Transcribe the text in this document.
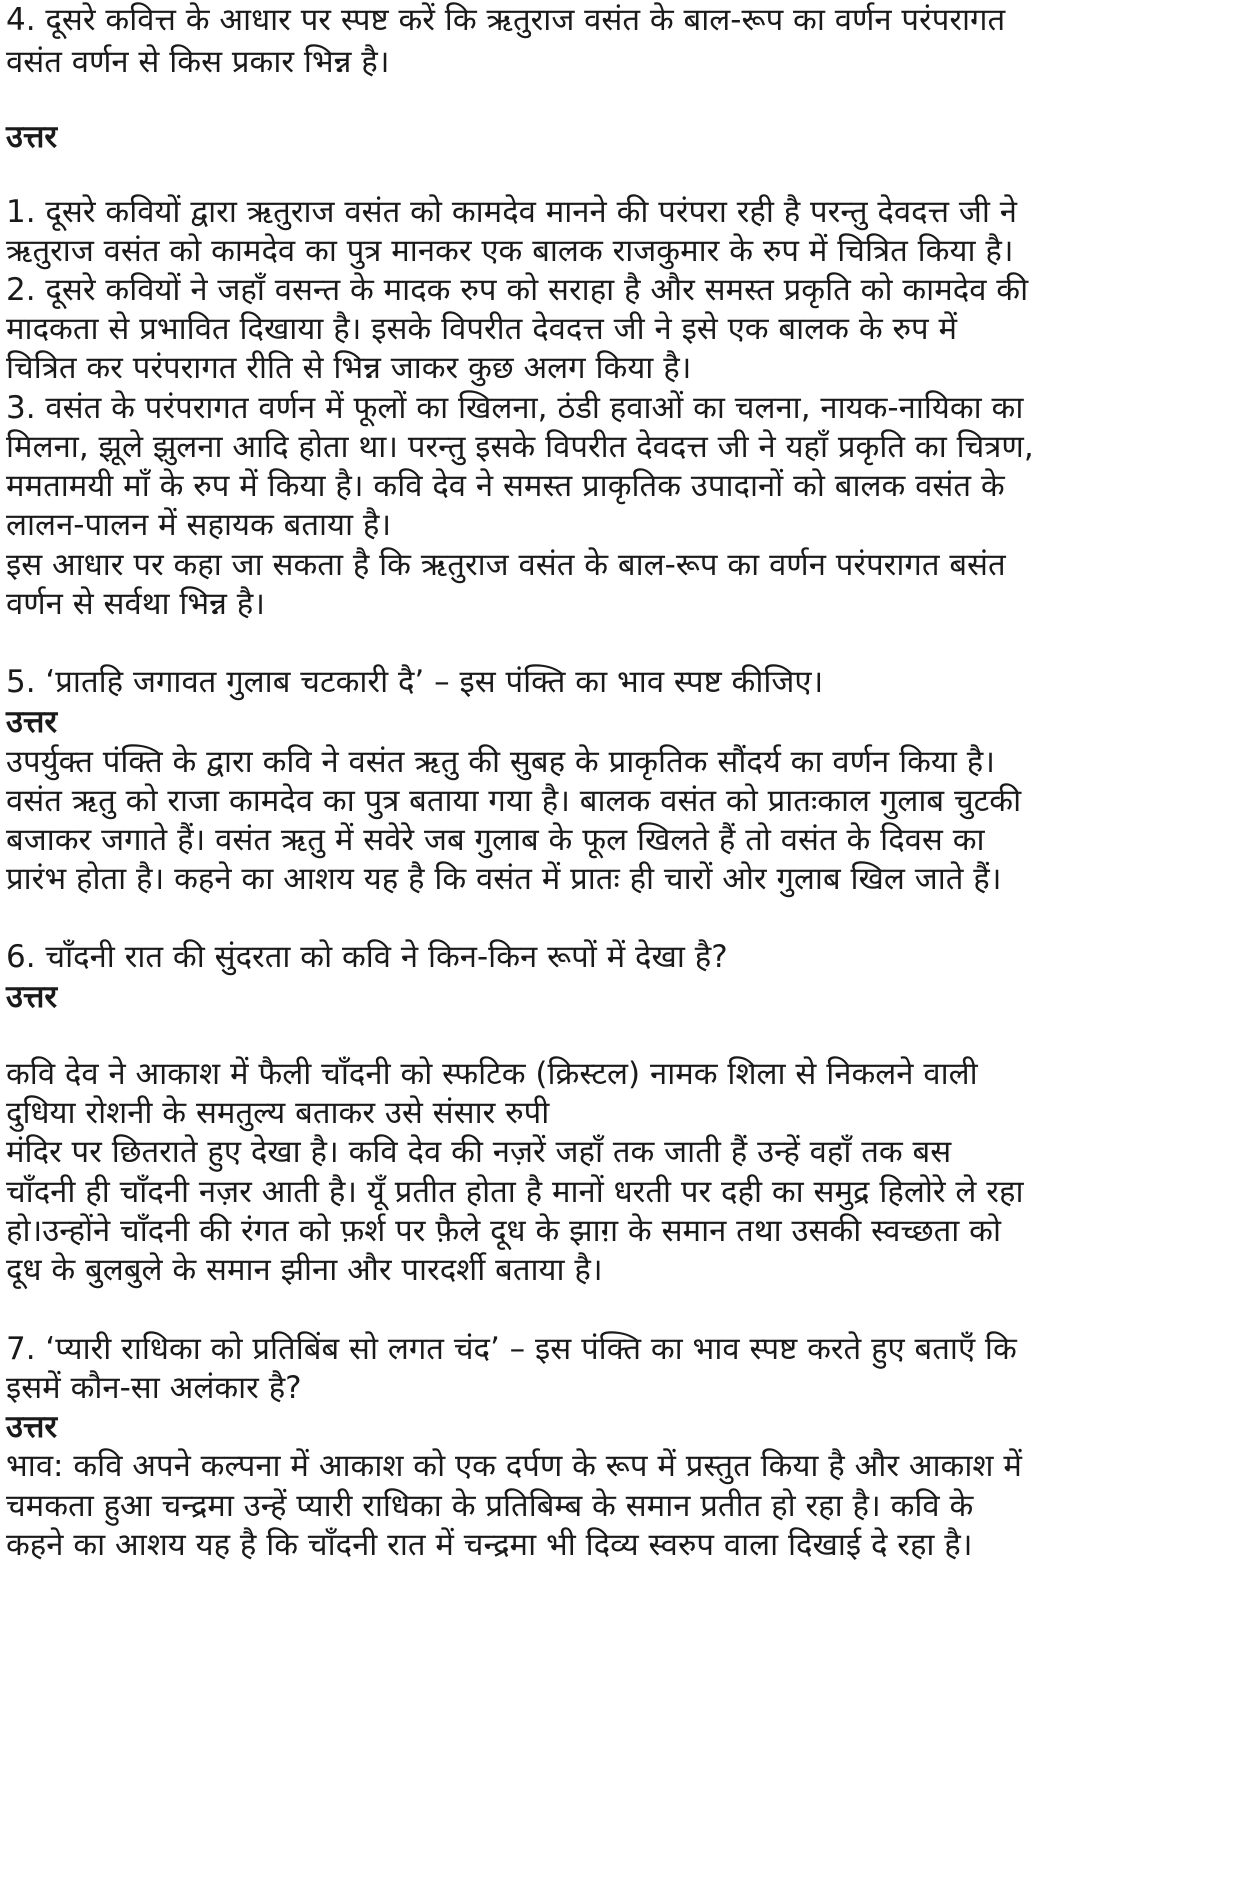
4. दूसरे कवित्त के आधार पर स्पष्ट करें कि ऋतुराज वसंत के बाल-रूप का वर्णन परंपरागत
वसंत वर्णन से किस प्रकार भिन्न है।
उत्तर
1. दूसरे कवियों द्वारा ऋतुराज वसंत को कामदेव मानने की परंपरा रही है परन्तु देवदत्त जी ने
ऋतुराज वसंत को कामदेव का पुत्र मानकर एक बालक राजकुमार के रुप में चित्रित किया है।
2. दूसरे कवियों ने जहाँ वसन्त के मादक रुप को सराहा है और समस्त प्रकृति को कामदेव की
मादकता से प्रभावित दिखाया है। इसके विपरीत देवदत्त जी ने इसे एक बालक के रुप में
चित्रित कर परंपरागत रीति से भिन्न जाकर कुछ अलग किया है।
3. वसंत के परंपरागत वर्णन में फूलों का खिलना, ठंडी हवाओं का चलना, नायक-नायिका का
मिलना, झूले झुलना आदि होता था। परन्तु इसके विपरीत देवदत्त जी ने यहाँ प्रकृति का चित्रण,
ममतामयी माँ के रुप में किया है। कवि देव ने समस्त प्राकृतिक उपादानों को बालक वसंत के
लालन-पालन में सहायक बताया है।
इस आधार पर कहा जा सकता है कि ऋतुराज वसंत के बाल-रूप का वर्णन परंपरागत बसंत
वर्णन से सर्वथा भिन्न है।
5. ‘प्रातहि जगावत गुलाब चटकारी दै’ – इस पंक्ति का भाव स्पष्ट कीजिए।
उत्तर
उपर्युक्त पंक्ति के द्वारा कवि ने वसंत ऋतु की सुबह के प्राकृतिक सौंदर्य का वर्णन किया है।
वसंत ऋतु को राजा कामदेव का पुत्र बताया गया है। बालक वसंत को प्रातःकाल गुलाब चुटकी
बजाकर जगाते हैं। वसंत ऋतु में सवेरे जब गुलाब के फूल खिलते हैं तो वसंत के दिवस का
प्रारंभ होता है। कहने का आशय यह है कि वसंत में प्रातः ही चारों ओर गुलाब खिल जाते हैं।
6. चाँदनी रात की सुंदरता को कवि ने किन-किन रूपों में देखा है?
उत्तर
कवि देव ने आकाश में फैली चाँदनी को स्फटिक (क्रिस्टल) नामक शिला से निकलने वाली
दुधिया रोशनी के समतुल्य बताकर उसे संसार रुपी
मंदिर पर छितराते हुए देखा है। कवि देव की नज़रें जहाँ तक जाती हैं उन्हें वहाँ तक बस
चाँदनी ही चाँदनी नज़र आती है। यूँ प्रतीत होता है मानों धरती पर दही का समुद्र हिलोरे ले रहा
हो।उन्होंने चाँदनी की रंगत को फ़र्श पर फ़ैले दूध के झाग़ के समान तथा उसकी स्वच्छता को
दूध के बुलबुले के समान झीना और पारदर्शी बताया है।
7. ‘प्यारी राधिका को प्रतिबिंब सो लगत चंद’ – इस पंक्ति का भाव स्पष्ट करते हुए बताएँ कि
इसमें कौन-सा अलंकार है?
उत्तर
भाव: कवि अपने कल्पना में आकाश को एक दर्पण के रूप में प्रस्तुत किया है और आकाश में
चमकता हुआ चन्द्रमा उन्हें प्यारी राधिका के प्रतिबिम्ब के समान प्रतीत हो रहा है। कवि के
कहने का आशय यह है कि चाँदनी रात में चन्द्रमा भी दिव्य स्वरुप वाला दिखाई दे रहा है।
